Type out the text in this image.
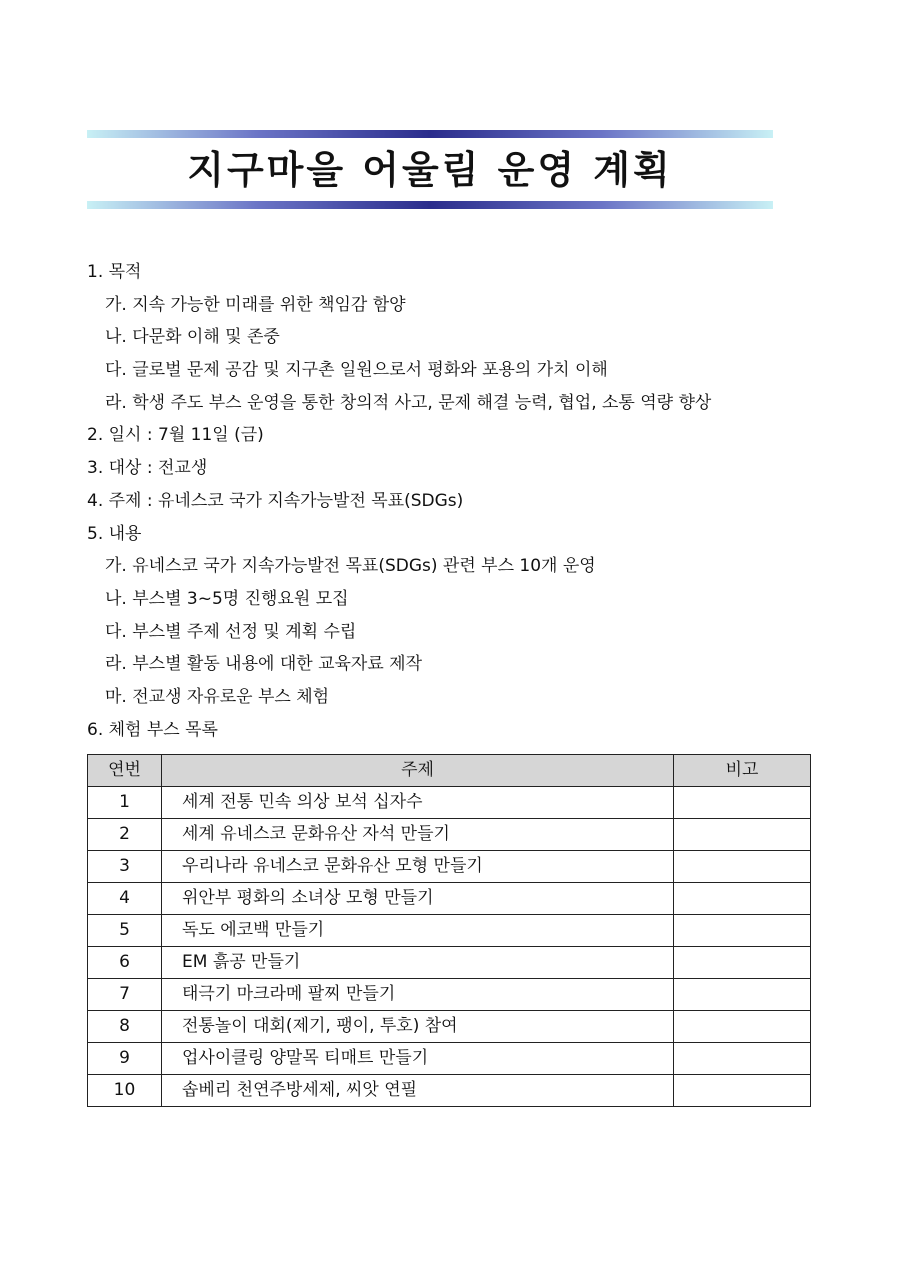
지구마을 어울림 운영 계획
1. 목적
가. 지속 가능한 미래를 위한 책임감 함양
나. 다문화 이해 및 존중
다. 글로벌 문제 공감 및 지구촌 일원으로서 평화와 포용의 가치 이해
라. 학생 주도 부스 운영을 통한 창의적 사고, 문제 해결 능력, 협업, 소통 역량 향상
2. 일시 : 7월 11일 (금)
3. 대상 : 전교생
4. 주제 : 유네스코 국가 지속가능발전 목표(SDGs)
5. 내용
가. 유네스코 국가 지속가능발전 목표(SDGs) 관련 부스 10개 운영
나. 부스별 3~5명 진행요원 모집
다. 부스별 주제 선정 및 계획 수립
라. 부스별 활동 내용에 대한 교육자료 제작
마. 전교생 자유로운 부스 체험
6. 체험 부스 목록
연번	주제	비고
1	세계 전통 민속 의상 보석 십자수	
2	세계 유네스코 문화유산 자석 만들기	
3	우리나라 유네스코 문화유산 모형 만들기	
4	위안부 평화의 소녀상 모형 만들기	
5	독도 에코백 만들기	
6	EM 흙공 만들기	
7	태극기 마크라메 팔찌 만들기	
8	전통놀이 대회(제기, 팽이, 투호) 참여	
9	업사이클링 양말목 티매트 만들기	
10	솝베리 천연주방세제, 씨앗 연필	
